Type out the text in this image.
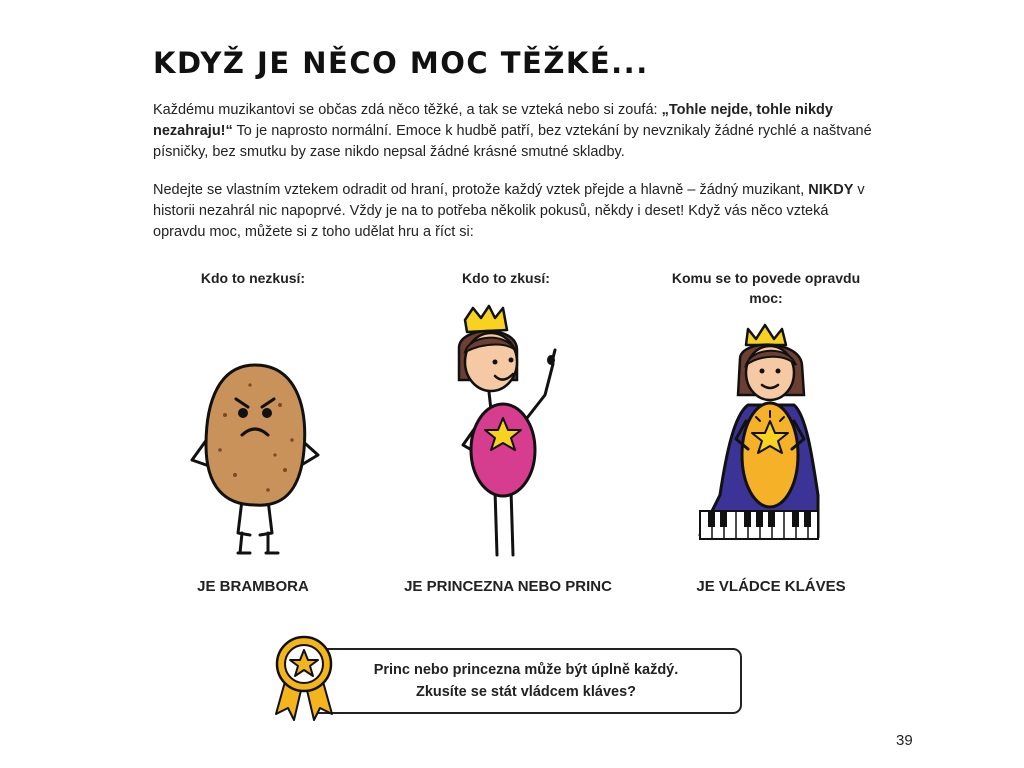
KDYŽ JE NĚCO MOC TĚŽKÉ...

Každému muzikantovi se občas zdá něco těžké, a tak se vzteká nebo si zoufá: „Tohle nejde, tohle nikdy nezahraju!“ To je naprosto normální. Emoce k hudbě patří, bez vztekání by nevznikaly žádné rychlé a naštvané písničky, bez smutku by zase nikdo nepsal žádné krásné smutné skladby.

Nedejte se vlastním vztekem odradit od hraní, protože každý vztek přejde a hlavně – žádný muzikant, NIKDY v historii nezahrál nic napoprvé. Vždy je na to potřeba několik pokusů, někdy i deset! Když vás něco vzteká opravdu moc, můžete si z toho udělat hru a říct si:

Kdo to nezkusí:	Kdo to zkusí:	Komu se to povede opravdu moc:
JE BRAMBORA	JE PRINCEZNA NEBO PRINC	JE VLÁDCE KLÁVES
Princ nebo princezna může být úplně každý.
Zkusíte se stát vládcem kláves?
39
